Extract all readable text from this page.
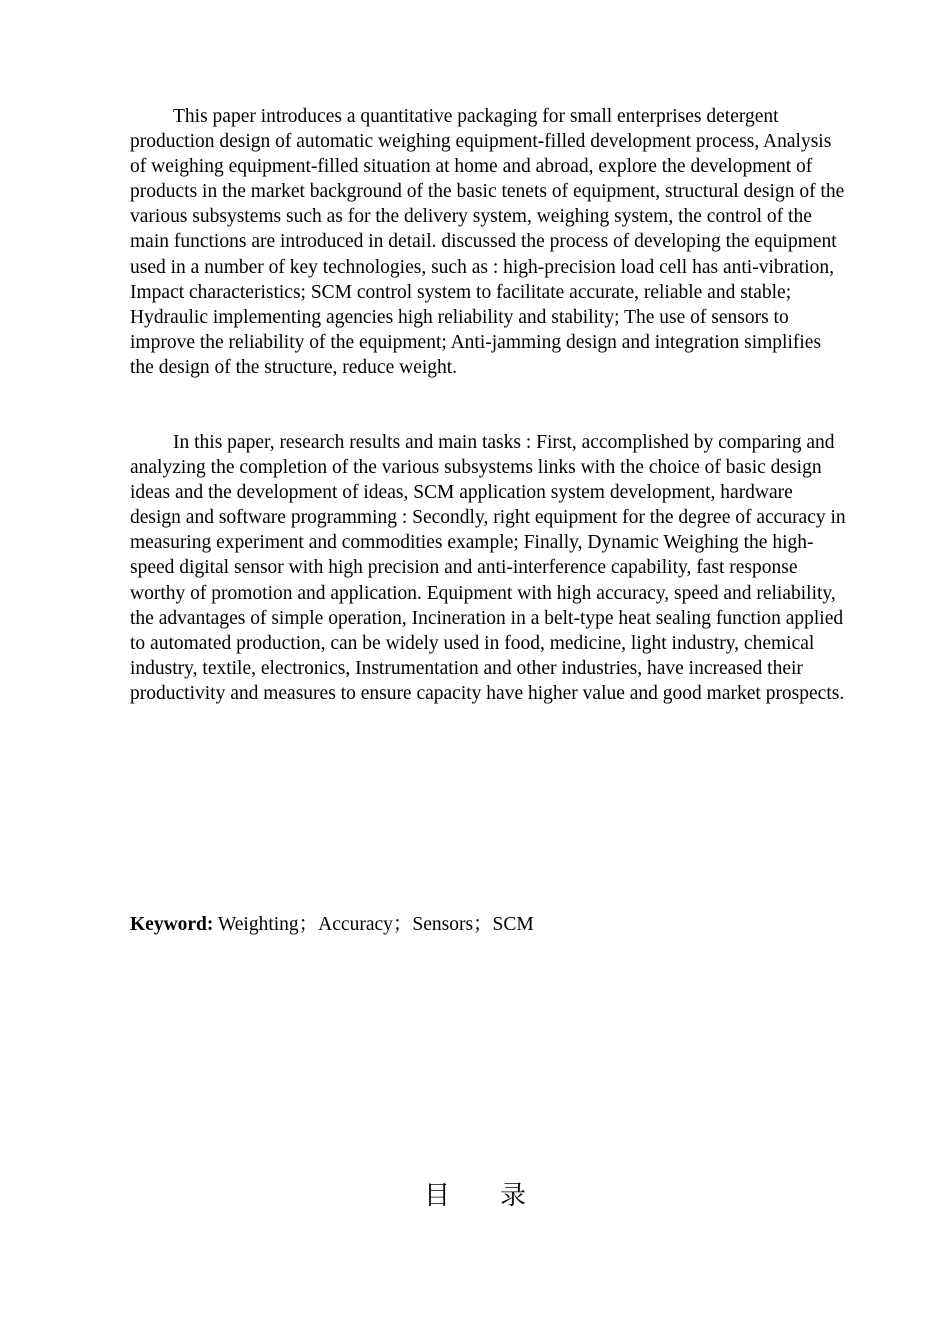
This paper introduces a quantitative packaging for small enterprises detergent production design of automatic weighing equipment-filled development process, Analysis of weighing equipment-filled situation at home and abroad, explore the development of products in the market background of the basic tenets of equipment, structural design of the various subsystems such as for the delivery system, weighing system, the control of the main functions are introduced in detail. discussed the process of developing the equipment used in a number of key technologies, such as : high-precision load cell has anti-vibration, Impact characteristics; SCM control system to facilitate accurate, reliable and stable; Hydraulic implementing agencies high reliability and stability; The use of sensors to improve the reliability of the equipment; Anti-jamming design and integration simplifies the design of the structure, reduce weight.

In this paper, research results and main tasks : First, accomplished by comparing and analyzing the completion of the various subsystems links with the choice of basic design ideas and the development of ideas, SCM application system development, hardware design and software programming : Secondly, right equipment for the degree of accuracy in measuring experiment and commodities example; Finally, Dynamic Weighing the high-speed digital sensor with high precision and anti-interference capability, fast response worthy of promotion and application. Equipment with high accuracy, speed and reliability, the advantages of simple operation, Incineration in a belt-type heat sealing function applied to automated production, can be widely used in food, medicine, light industry, chemical industry, textile, electronics, Instrumentation and other industries, have increased their productivity and measures to ensure capacity have higher value and good market prospects.

Keyword: Weighting；Accuracy；Sensors；SCM
目 录
